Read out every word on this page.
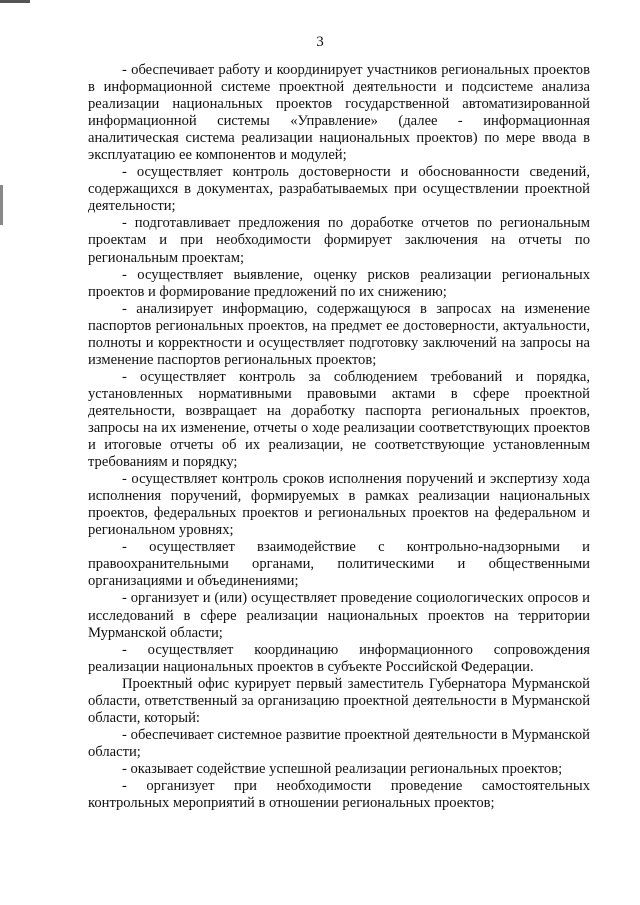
3

- обеспечивает работу и координирует участников региональных проектов в информационной системе проектной деятельности и подсистеме анализа реализации национальных проектов государственной автоматизированной информационной системы «Управление» (далее - информационная аналитическая система реализации национальных проектов) по мере ввода в эксплуатацию ее компонентов и модулей;

- осуществляет контроль достоверности и обоснованности сведений, содержащихся в документах, разрабатываемых при осуществлении проектной деятельности;

- подготавливает предложения по доработке отчетов по региональным проектам и при необходимости формирует заключения на отчеты по региональным проектам;

- осуществляет выявление, оценку рисков реализации региональных проектов и формирование предложений по их снижению;

- анализирует информацию, содержащуюся в запросах на изменение паспортов региональных проектов, на предмет ее достоверности, актуальности, полноты и корректности и осуществляет подготовку заключений на запросы на изменение паспортов региональных проектов;

- осуществляет контроль за соблюдением требований и порядка, установленных нормативными правовыми актами в сфере проектной деятельности, возвращает на доработку паспорта региональных проектов, запросы на их изменение, отчеты о ходе реализации соответствующих проектов и итоговые отчеты об их реализации, не соответствующие установленным требованиям и порядку;

- осуществляет контроль сроков исполнения поручений и экспертизу хода исполнения поручений, формируемых в рамках реализации национальных проектов, федеральных проектов и региональных проектов на федеральном и региональном уровнях;

- осуществляет взаимодействие с контрольно-надзорными и правоохранительными органами, политическими и общественными организациями и объединениями;

- организует и (или) осуществляет проведение социологических опросов и исследований в сфере реализации национальных проектов на территории Мурманской области;

- осуществляет координацию информационного сопровождения реализации национальных проектов в субъекте Российской Федерации.

Проектный офис курирует первый заместитель Губернатора Мурманской области, ответственный за организацию проектной деятельности в Мурманской области, который:

- обеспечивает системное развитие проектной деятельности в Мурманской области;

- оказывает содействие успешной реализации региональных проектов;

- организует при необходимости проведение самостоятельных контрольных мероприятий в отношении региональных проектов;
